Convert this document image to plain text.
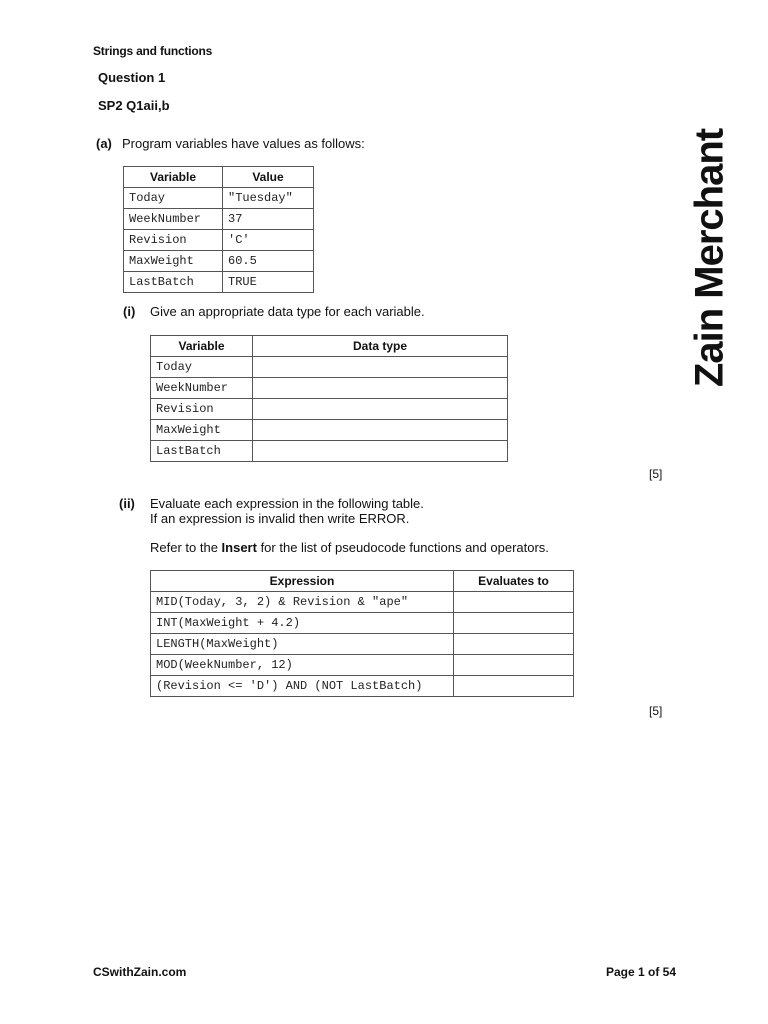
Strings and functions
Question 1
SP2 Q1aii,b
(a) Program variables have values as follows:
Variable	Value
Today	"Tuesday"
WeekNumber	37
Revision	'C'
MaxWeight	60.5
LastBatch	TRUE
(i) Give an appropriate data type for each variable.
Variable	Data type
Today	
WeekNumber	
Revision	
MaxWeight	
LastBatch	
[5]
(ii) Evaluate each expression in the following table.
If an expression is invalid then write ERROR.
Refer to the Insert for the list of pseudocode functions and operators.
Expression	Evaluates to
MID(Today, 3, 2) & Revision & "ape"	
INT(MaxWeight + 4.2)	
LENGTH(MaxWeight)	
MOD(WeekNumber, 12)	
(Revision <= 'D') AND (NOT LastBatch)	
[5]
Zain Merchant
CSwithZain.com	Page 1 of 54
